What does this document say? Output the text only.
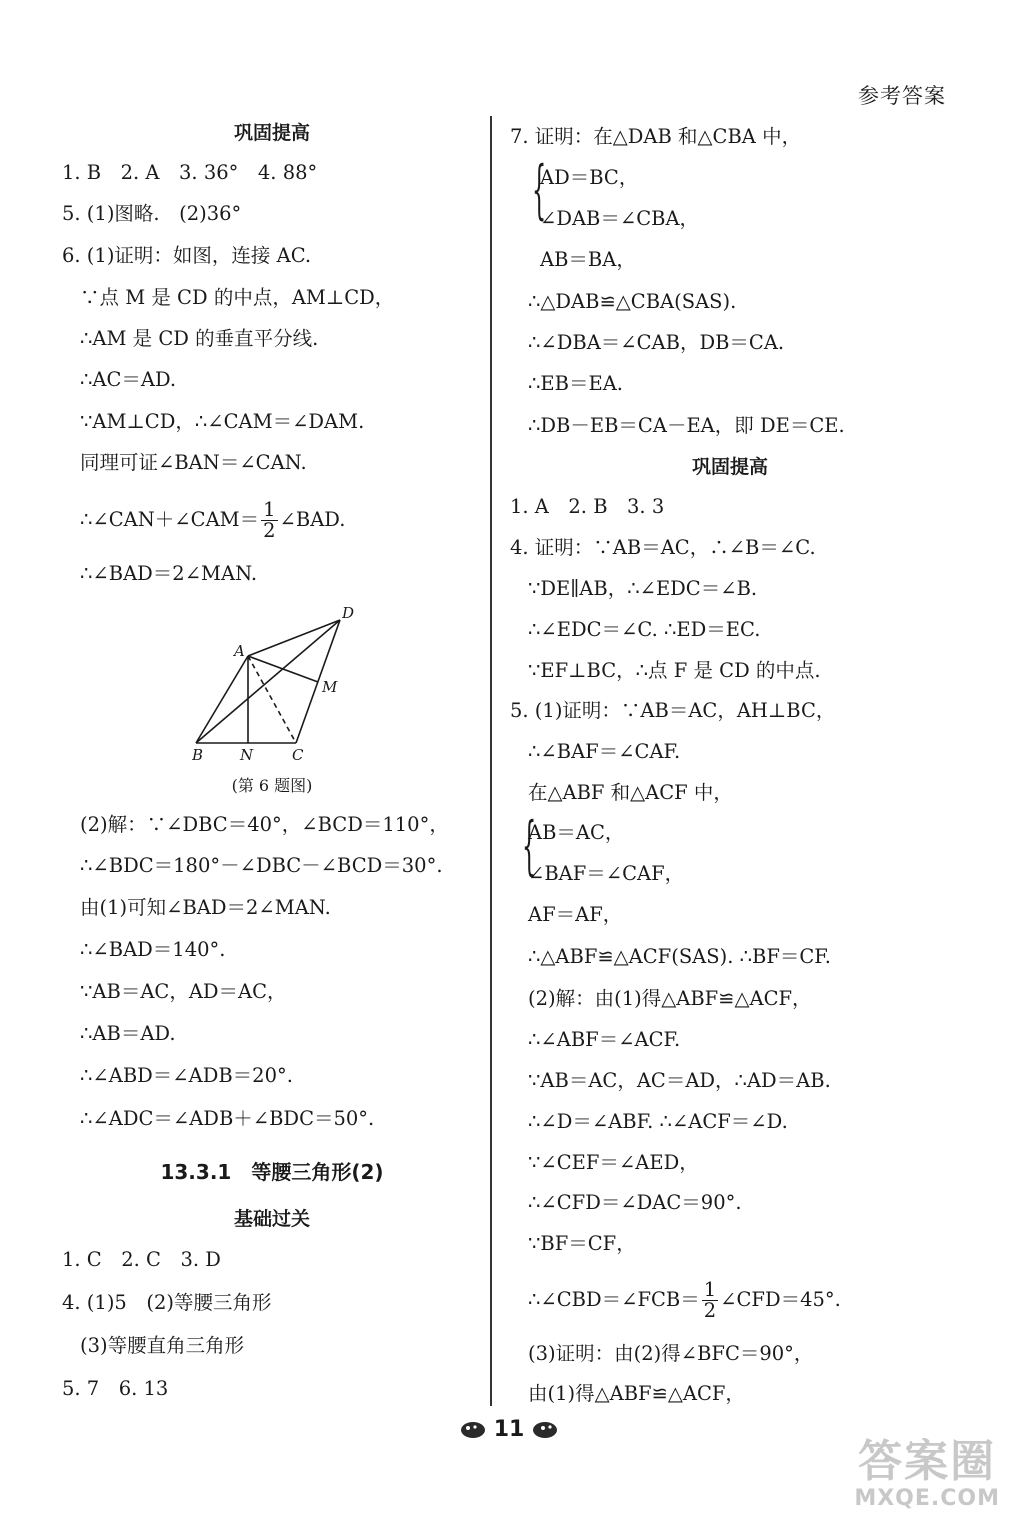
参考答案
巩固提高
1. B　2. A　3. 36°　4. 88°
5. (1)图略.　(2)36°
6. (1)证明：如图，连接 AC.
∵点 M 是 CD 的中点，AM⊥CD，
∴AM 是 CD 的垂直平分线.
∴AC＝AD.
∵AM⊥CD，∴∠CAM＝∠DAM.
同理可证∠BAN＝∠CAN.
∴∠CAN＋∠CAM＝ $\frac{1}{2}$ ∠BAD.
∴∠BAD＝2∠MAN.
A
B	C
D
M
N
(第 6 题图)
(2)解：∵∠DBC＝40°，∠BCD＝110°，
∴∠BDC＝180°－∠DBC－∠BCD＝30°.
由(1)可知∠BAD＝2∠MAN.
∴∠BAD＝140°.
∵AB＝AC，AD＝AC，
∴AB＝AD.
∴∠ABD＝∠ADB＝20°.
∴∠ADC＝∠ADB＋∠BDC＝50°.
13.3.1　等腰三角形(2)
基础过关
1. C　2. C　3. D
4. (1)5　(2)等腰三角形
(3)等腰直角三角形
5. 7　6. 13
7. 证明：在△DAB 和△CBA 中，
{
AD＝BC，
∠DAB＝∠CBA，
AB＝BA，
∴△DAB≌△CBA(SAS).
∴∠DBA＝∠CAB，DB＝CA.
∴EB＝EA.
∴DB－EB＝CA－EA，即 DE＝CE.
巩固提高
1. A　2. B　3. 3
4. 证明：∵AB＝AC，∴∠B＝∠C.
∵DE∥AB，∴∠EDC＝∠B.
∴∠EDC＝∠C. ∴ED＝EC.
∵EF⊥BC，∴点 F 是 CD 的中点.
5. (1)证明：∵AB＝AC，AH⊥BC，
∴∠BAF＝∠CAF.
在△ABF 和△ACF 中，
{
AB＝AC，
∠BAF＝∠CAF，
AF＝AF，
∴△ABF≌△ACF(SAS). ∴BF＝CF.
(2)解：由(1)得△ABF≌△ACF，
∴∠ABF＝∠ACF.
∵AB＝AC，AC＝AD，∴AD＝AB.
∴∠D＝∠ABF. ∴∠ACF＝∠D.
∵∠CEF＝∠AED，
∴∠CFD＝∠DAC＝90°.
∵BF＝CF，
∴∠CBD＝∠FCB＝ $\frac{1}{2}$ ∠CFD＝45°.
(3)证明：由(2)得∠BFC＝90°，
由(1)得△ABF≌△ACF，
11
答案圈
MXQE.COM
